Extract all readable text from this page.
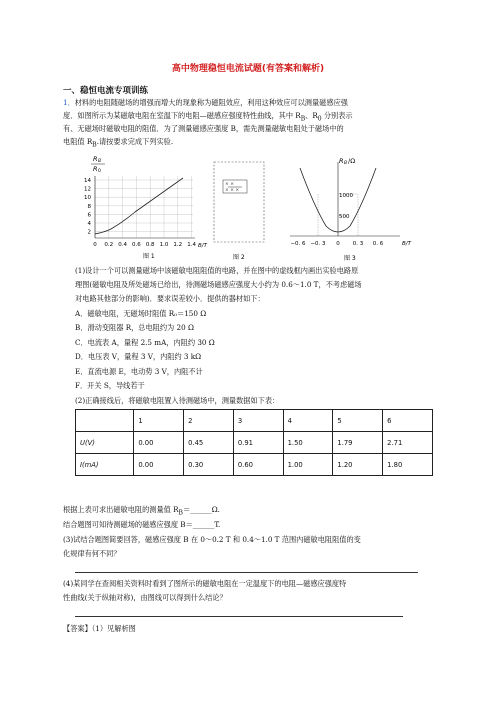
高中物理稳恒电流试题(有答案和解析)
一、稳恒电流专项训练
1．材料的电阻随磁场的增强而增大的现象称为磁阻效应，利用这种效应可以测量磁感应强
度．如图所示为某磁敏电阻在室温下的电阻—磁感应强度特性曲线，其中 $R_B$、$R_0$ 分别表示
有、无磁场时磁敏电阻的阻值．为了测量磁感应强度 B，需先测量磁敏电阻处于磁场中的
电阻值 $R_B$.请按要求完成下列实验.
R B
R 0
14
12
10
8
6
4
2
0 0.2 0.4 0.6 0.8 1.0 1.2 1.4 B/T
图 1
× ×
× × ×
图 2
R B /Ω
1000
500
−0. 6 −0. 3 0 0. 3 0. 6	B/T
图 3
(1)设计一个可以测量磁场中该磁敏电阻阻值的电路，并在图中的虚线框内画出实验电路原
理图(磁敏电阻及所处磁场已给出，待测磁场磁感应强度大小约为 0.6～1.0 T，不考虑磁场
对电路其他部分的影响)．要求误差较小．提供的器材如下：
A．磁敏电阻，无磁场时阻值 R₀＝150 Ω
B．滑动变阻器 R，总电阻约为 20 Ω
C．电流表 A，量程 2.5 mA，内阻约 30 Ω
D．电压表 V，量程 3 V，内阻约 3 kΩ
E．直流电源 E，电动势 3 V，内阻不计
F．开关 S，导线若干
(2)正确接线后，将磁敏电阻置入待测磁场中，测量数据如下表：
	1	2	3	4	5	6
U(V)	0.00	0.45	0.91	1.50	1.79	2.71
I(mA)	0.00	0.30	0.60	1.00	1.20	1.80
根据上表可求出磁敏电阻的测量值 $R_B=\_\_\_\_\_\_\Omega$.
结合题图可知待测磁场的磁感应强度 B＝______T.
(3)试结合题图简要回答，磁感应强度 B 在 0～0.2 T 和 0.4～1.0 T 范围内磁敏电阻阻值的变
化规律有何不同？
(4)某同学在查阅相关资料时看到了图所示的磁敏电阻在一定温度下的电阻—磁感应强度特
性曲线(关于纵轴对称)，由图线可以得到什么结论？
【答案】（1）见解析图
